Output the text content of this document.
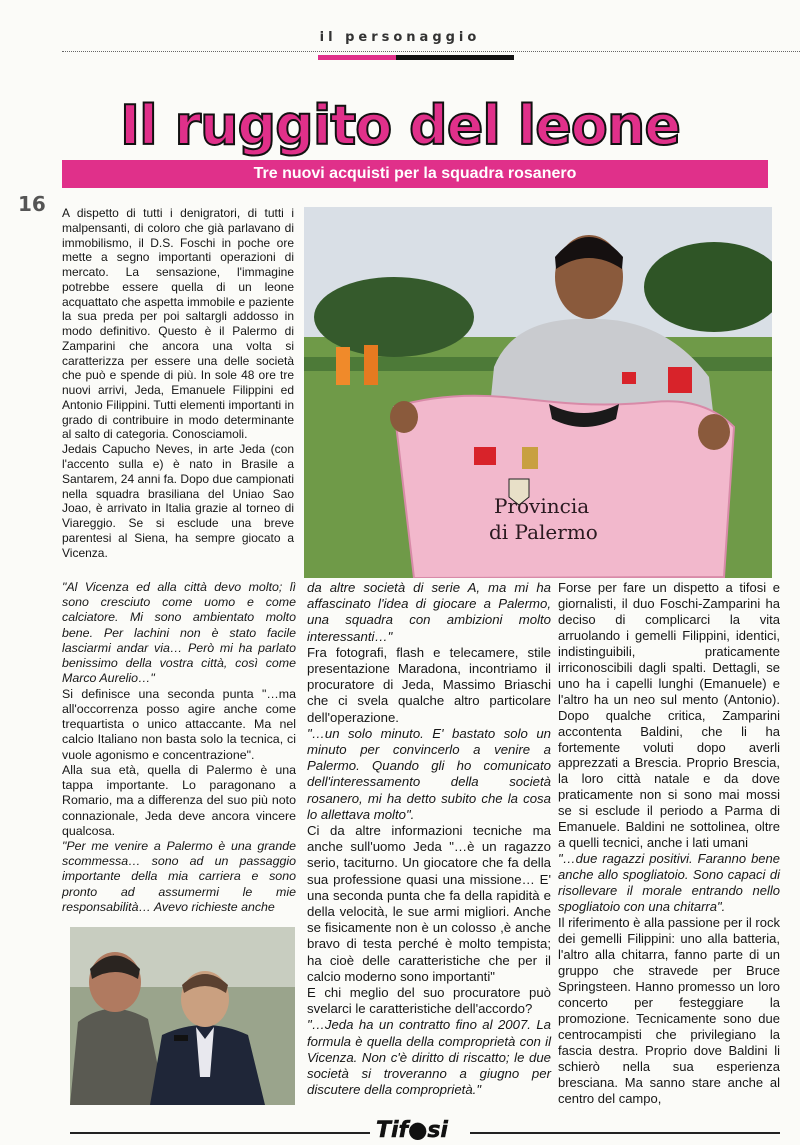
il personaggio
Il ruggito del leone
Tre nuovi acquisti per la squadra rosanero
16 A dispetto di tutti i denigratori, di tutti i malpensanti, di coloro che già parlavano di immobilismo, il D.S. Foschi in poche ore mette a segno importanti operazioni di mercato. La sensazione, l'immagine potrebbe essere quella di un leone acquattato che aspetta immobile e paziente la sua preda per poi saltargli addosso in modo definitivo. Questo è il Palermo di Zamparini che ancora una volta si caratterizza per essere una delle società che può e spende di più. In sole 48 ore tre nuovi arrivi, Jeda, Emanuele Filippini ed Antonio Filippini. Tutti elementi importanti in grado di contribuire in modo determinante al salto di categoria. Conosciamoli.

Jedais Capucho Neves, in arte Jeda (con l'accento sulla e) è nato in Brasile a Santarem, 24 anni fa. Dopo due campionati nella squadra brasiliana del Uniao Sao Joao, è arrivato in Italia grazie al torneo di Viareggio. Se si esclude una breve parentesi al Siena, ha sempre giocato a Vicenza.

Provincia
di Palermo

"Al Vicenza ed alla città devo molto; lì sono cresciuto come uomo e come calciatore. Mi sono ambientato molto bene. Per lachini non è stato facile lasciarmi andar via… Però mi ha parlato benissimo della vostra città, così come Marco Aurelio…"

Si definisce una seconda punta "…ma all'occorrenza posso agire anche come trequartista o unico attaccante. Ma nel calcio Italiano non basta solo la tecnica, ci vuole agonismo e concentrazione".

Alla sua età, quella di Palermo è una tappa importante. Lo paragonano a Romario, ma a differenza del suo più noto connazionale, Jeda deve ancora vincere qualcosa.

"Per me venire a Palermo è una grande scommessa… sono ad un passaggio importante della mia carriera e sono pronto ad assumermi le mie responsabilità… Avevo richieste anche

da altre società di serie A, ma mi ha affascinato l'idea di giocare a Palermo, una squadra con ambizioni molto interessanti…"

Fra fotografi, flash e telecamere, stile presentazione Maradona, incontriamo il procuratore di Jeda, Massimo Briaschi che ci svela qualche altro particolare dell'operazione.

"…un solo minuto. E' bastato solo un minuto per convincerlo a venire a Palermo. Quando gli ho comunicato dell'interessamento della società rosanero, mi ha detto subito che la cosa lo allettava molto".

Ci da altre informazioni tecniche ma anche sull'uomo Jeda "…è un ragazzo serio, taciturno. Un giocatore che fa della sua professione quasi una missione… E' una seconda punta che fa della rapidità e della velocità, le sue armi migliori. Anche se fisicamente non è un colosso ,è anche bravo di testa perché è molto tempista; ha cioè delle caratteristiche che per il calcio moderno sono importanti"

E chi meglio del suo procuratore può svelarci le caratteristiche dell'accordo?

"…Jeda ha un contratto fino al 2007. La formula è quella della comproprietà con il Vicenza. Non c'è diritto di riscatto; le due società si troveranno a giugno per discutere della comproprietà."

Forse per fare un dispetto a tifosi e giornalisti, il duo Foschi-Zamparini ha deciso di complicarci la vita arruolando i gemelli Filippini, identici, indistinguibili, praticamente irriconoscibili dagli spalti. Dettagli, se uno ha i capelli lunghi (Emanuele) e l'altro ha un neo sul mento (Antonio). Dopo qualche critica, Zamparini accontenta Baldini, che li ha fortemente voluti dopo averli apprezzati a Brescia. Proprio Brescia, la loro città natale e da dove praticamente non si sono mai mossi se si esclude il periodo a Parma di Emanuele. Baldini ne sottolinea, oltre a quelli tecnici, anche i lati umani

"…due ragazzi positivi. Faranno bene anche allo spogliatoio. Sono capaci di risollevare il morale entrando nello spogliatoio con una chitarra".

Il riferimento è alla passione per il rock dei gemelli Filippini: uno alla batteria, l'altro alla chitarra, fanno parte di un gruppo che stravede per Bruce Springsteen. Hanno promesso un loro concerto per festeggiare la promozione. Tecnicamente sono due centrocampisti che privilegiano la fascia destra. Proprio dove Baldini li schierò nella sua esperienza bresciana. Ma sanno stare anche al centro del campo,

Tif●si
